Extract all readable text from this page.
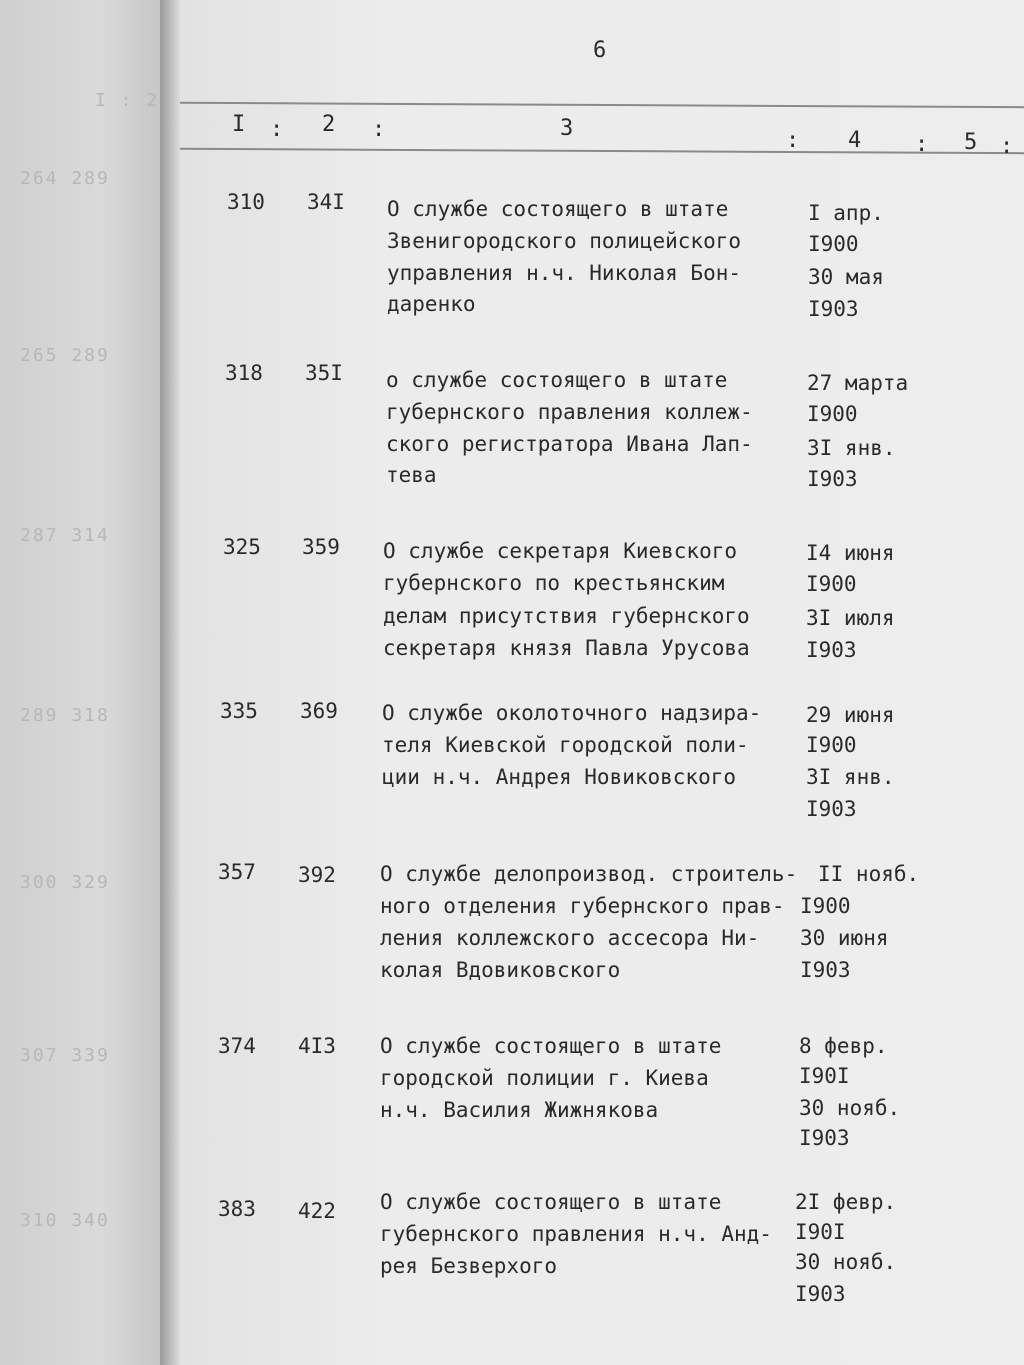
I : 2
264 289
265 289
287 314
289 318
300 329
307 339
310 340
6
I : 2 :	3	: 4 : 5 :
310 34I О службе состоящего в штате
Звенигородского полицейского
управления н.ч. Николая Бон-
даренко
I апр.
I900
30 мая
I903
318 35I о службе состоящего в штате
губернского правления коллеж-
ского регистратора Ивана Лап-
тева
27 марта
I900
3I янв.
I903
325 359 О службе секретаря Киевского
губернского по крестьянским
делам присутствия губернского
секретаря князя Павла Урусова
I4 июня
I900
3I июля
I903
335 369 О службе околоточного надзира-
теля Киевской городской поли-
ции н.ч. Андрея Новиковского
29 июня
I900
3I янв.
I903
357 392 О службе делопроизвод. строитель-
ного отделения губернского прав-
ления коллежского ассесора Ни-
колая Вдовиковского
II нояб.
I900
30 июня
I903
374 4I3 О службе состоящего в штате
городской полиции г. Киева
н.ч. Василия Жижнякова
8 февр.
I90I
30 нояб.
I903
383 422 О службе состоящего в штате
губернского правления н.ч. Анд-
рея Безверхого
2I февр.
I90I
30 нояб.
I903
